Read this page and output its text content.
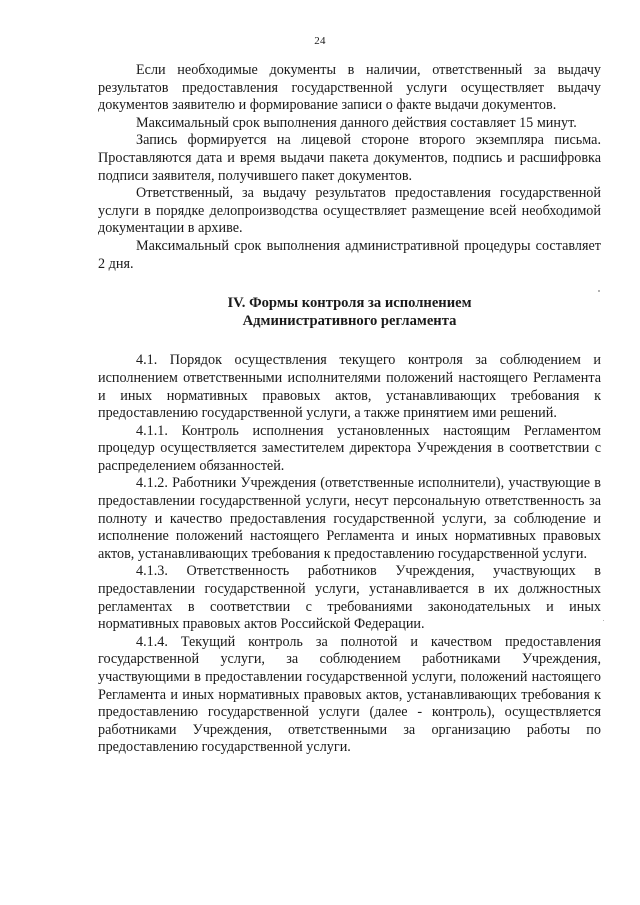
24

Если необходимые документы в наличии, ответственный за выдачу результатов предоставления государственной услуги осуществляет выдачу документов заявителю и формирование записи о факте выдачи документов.

Максимальный срок выполнения данного действия составляет 15 минут.

Запись формируется на лицевой стороне второго экземпляра письма. Проставляются дата и время выдачи пакета документов, подпись и расшифровка подписи заявителя, получившего пакет документов.

Ответственный, за выдачу результатов предоставления государственной услуги в порядке делопроизводства осуществляет размещение всей необходимой документации в архиве.

Максимальный срок выполнения административной процедуры составляет 2 дня.

IV. Формы контроля за исполнением
Административного регламента

4.1. Порядок осуществления текущего контроля за соблюдением и исполнением ответственными исполнителями положений настоящего Регламента и иных нормативных правовых актов, устанавливающих требования к предоставлению государственной услуги, а также принятием ими решений.

4.1.1. Контроль исполнения установленных настоящим Регламентом процедур осуществляется заместителем директора Учреждения в соответствии с распределением обязанностей.

4.1.2. Работники Учреждения (ответственные исполнители), участвующие в предоставлении государственной услуги, несут персональную ответственность за полноту и качество предоставления государственной услуги, за соблюдение и исполнение положений настоящего Регламента и иных нормативных правовых актов, устанавливающих требования к предоставлению государственной услуги.

4.1.3. Ответственность работников Учреждения, участвующих в предоставлении государственной услуги, устанавливается в их должностных регламентах в соответствии с требованиями законодательных и иных нормативных правовых актов Российской Федерации.

4.1.4. Текущий контроль за полнотой и качеством предоставления государственной услуги, за соблюдением работниками Учреждения, участвующими в предоставлении государственной услуги, положений настоящего Регламента и иных нормативных правовых актов, устанавливающих требования к предоставлению государственной услуги (далее - контроль), осуществляется работниками Учреждения, ответственными за организацию работы по предоставлению государственной услуги.
